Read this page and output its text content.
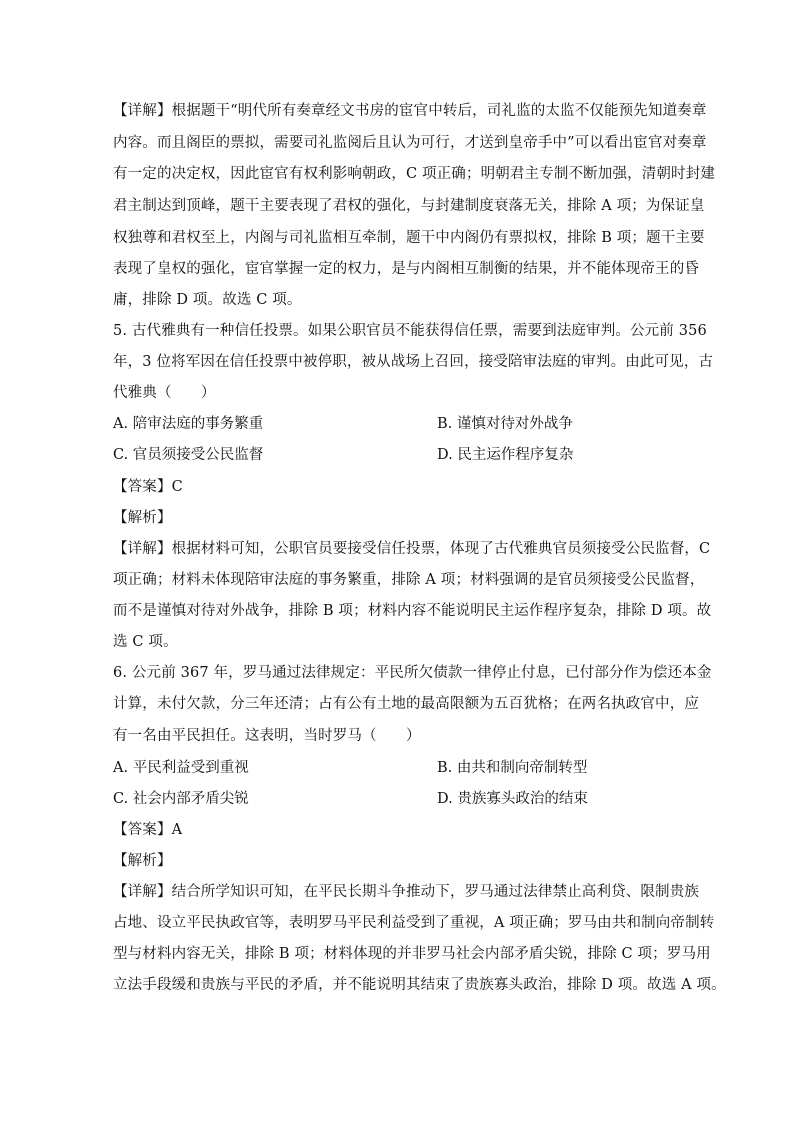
【详解】根据题干“明代所有奏章经文书房的宦官中转后，司礼监的太监不仅能预先知道奏章
内容。而且阁臣的票拟，需要司礼监阅后且认为可行，才送到皇帝手中”可以看出宦官对奏章
有一定的决定权，因此宦官有权利影响朝政，C 项正确；明朝君主专制不断加强，清朝时封建
君主制达到顶峰，题干主要表现了君权的强化，与封建制度衰落无关，排除 A 项；为保证皇
权独尊和君权至上，内阁与司礼监相互牵制，题干中内阁仍有票拟权，排除 B 项；题干主要
表现了皇权的强化，宦官掌握一定的权力，是与内阁相互制衡的结果，并不能体现帝王的昏
庸，排除 D 项。故选 C 项。
5. 古代雅典有一种信任投票。如果公职官员不能获得信任票，需要到法庭审判。公元前 356
年，3 位将军因在信任投票中被停职，被从战场上召回，接受陪审法庭的审判。由此可见，古
代雅典（　　）
A. 陪审法庭的事务繁重	B. 谨慎对待对外战争
C. 官员须接受公民监督	D. 民主运作程序复杂
【答案】C
【解析】
【详解】根据材料可知，公职官员要接受信任投票，体现了古代雅典官员须接受公民监督，C
项正确；材料未体现陪审法庭的事务繁重，排除 A 项；材料强调的是官员须接受公民监督，
而不是谨慎对待对外战争，排除 B 项；材料内容不能说明民主运作程序复杂，排除 D 项。故
选 C 项。
6. 公元前 367 年，罗马通过法律规定：平民所欠债款一律停止付息，已付部分作为偿还本金
计算，未付欠款，分三年还清；占有公有土地的最高限额为五百犹格；在两名执政官中，应
有一名由平民担任。这表明，当时罗马（　　）
A. 平民利益受到重视	B. 由共和制向帝制转型
C. 社会内部矛盾尖锐	D. 贵族寡头政治的结束
【答案】A
【解析】
【详解】结合所学知识可知，在平民长期斗争推动下，罗马通过法律禁止高利贷、限制贵族
占地、设立平民执政官等，表明罗马平民利益受到了重视，A 项正确；罗马由共和制向帝制转
型与材料内容无关，排除 B 项；材料体现的并非罗马社会内部矛盾尖锐，排除 C 项；罗马用
立法手段缓和贵族与平民的矛盾，并不能说明其结束了贵族寡头政治，排除 D 项。故选 A 项。
